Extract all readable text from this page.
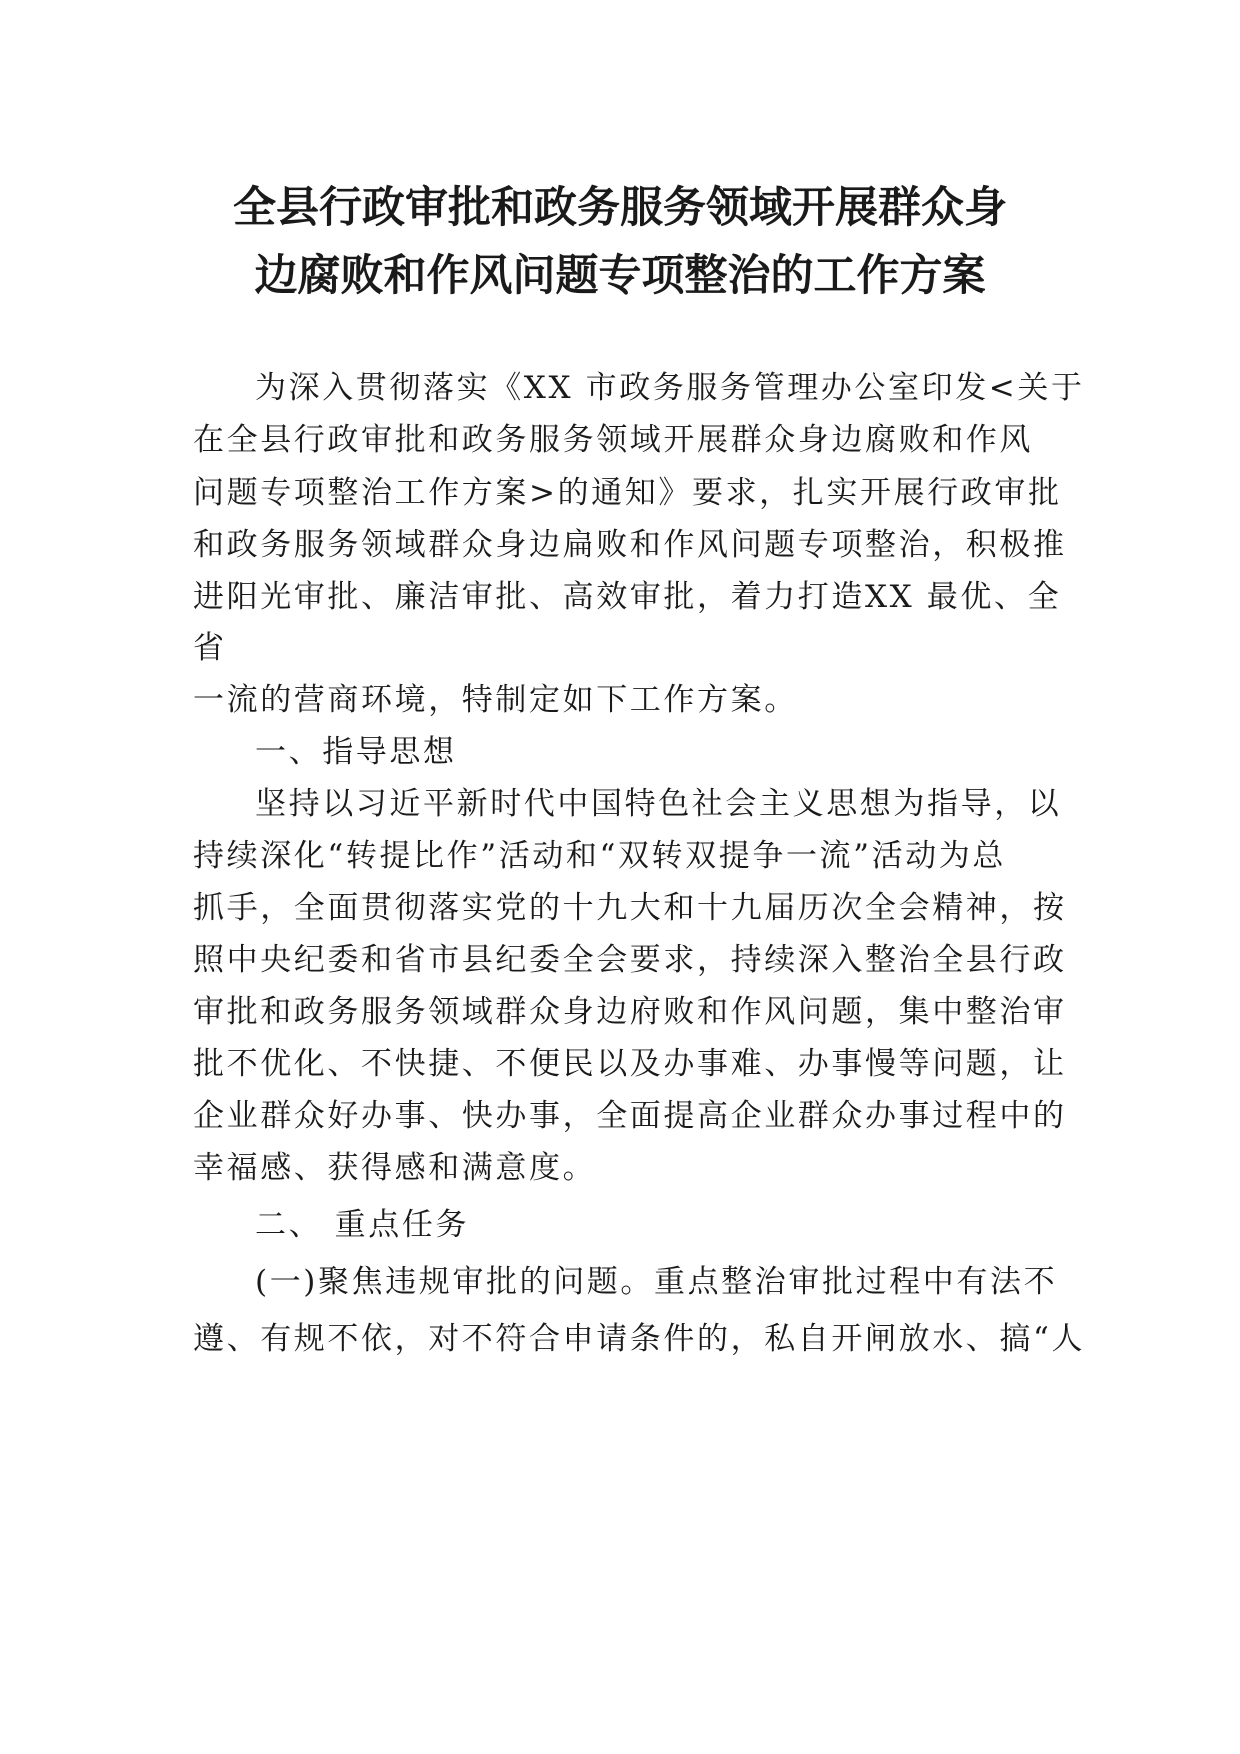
全县行政审批和政务服务领域开展群众身
边腐败和作风问题专项整治的工作方案
为深入贯彻落实《XX 市政务服务管理办公室印发<关于
在全县行政审批和政务服务领域开展群众身边腐败和作风
问题专项整治工作方案>的通知》要求，扎实开展行政审批
和政务服务领域群众身边扁败和作风问题专项整治，积极推
进阳光审批、廉洁审批、高效审批，着力打造XX 最优、全
省
一流的营商环境，特制定如下工作方案。
一、指导思想
坚持以习近平新时代中国特色社会主义思想为指导，以
持续深化“转提比作”活动和“双转双提争一流”活动为总
抓手，全面贯彻落实党的十九大和十九届历次全会精神，按
照中央纪委和省市县纪委全会要求，持续深入整治全县行政
审批和政务服务领域群众身边府败和作风问题，集中整治审
批不优化、不快捷、不便民以及办事难、办事慢等问题，让
企业群众好办事、快办事，全面提高企业群众办事过程中的
幸福感、获得感和满意度。
二、 重点任务
(一)聚焦违规审批的问题。重点整治审批过程中有法不
遵、有规不依，对不符合申请条件的，私自开闸放水、搞“人
